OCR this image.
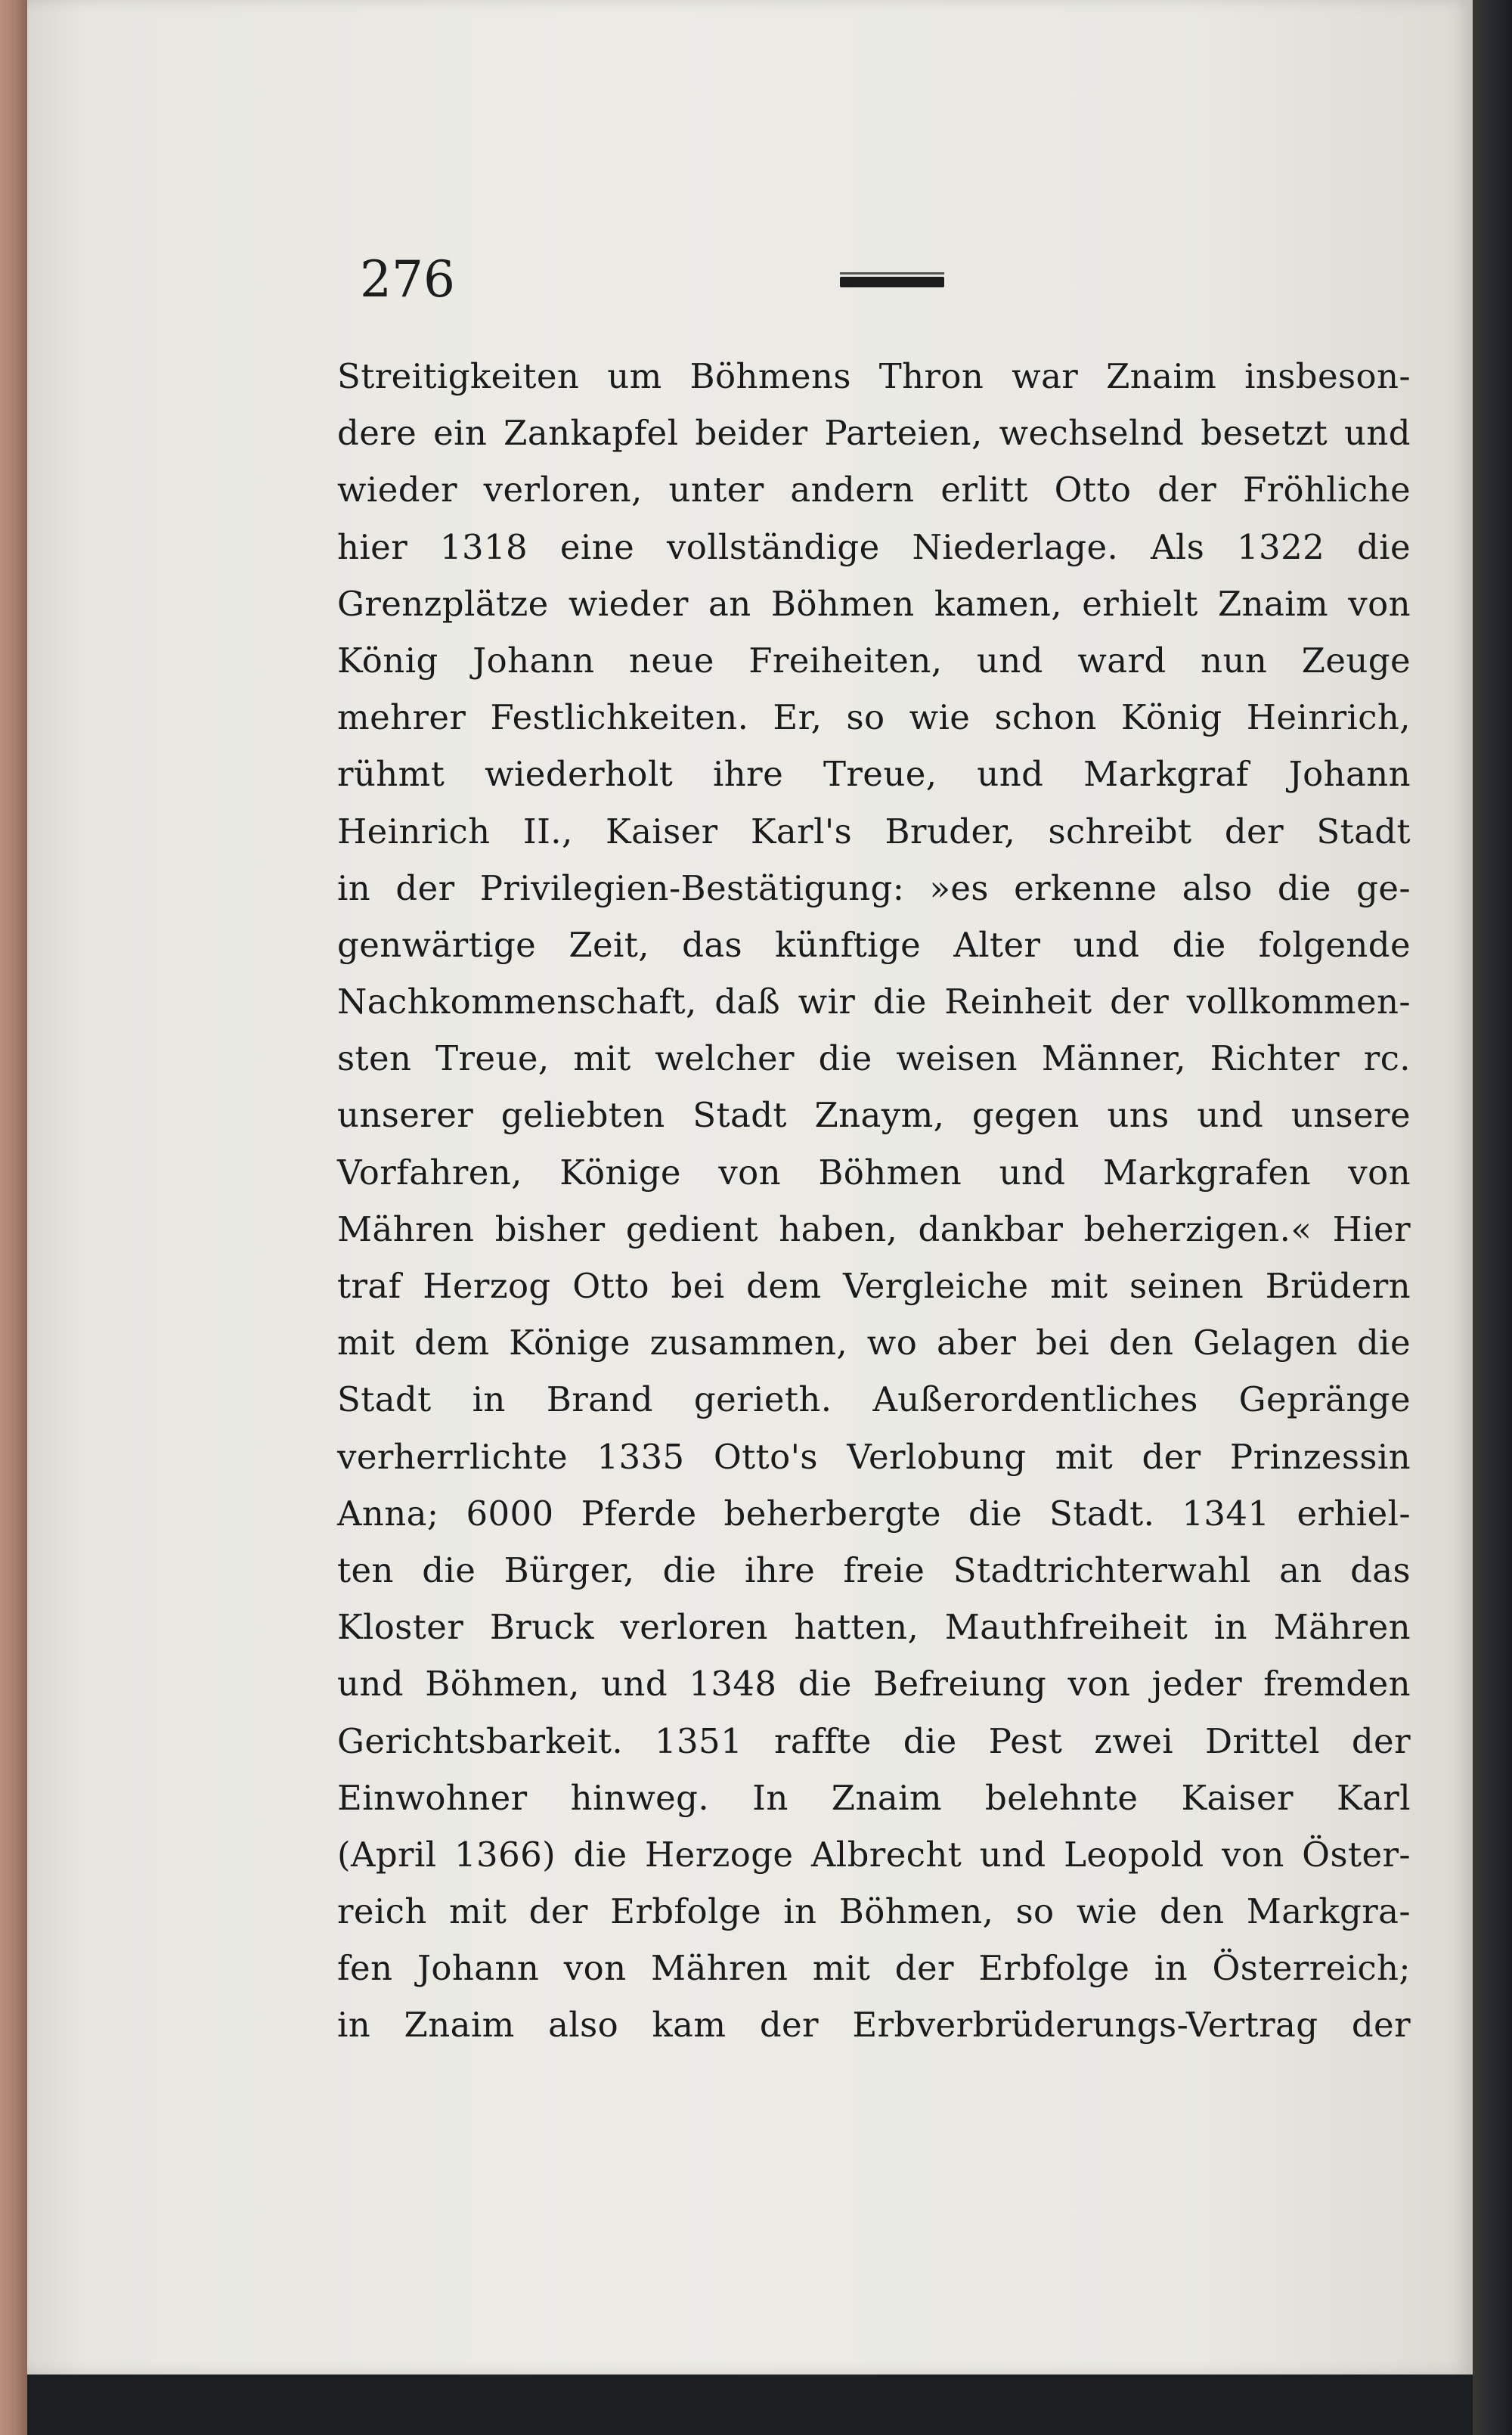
276
Streitigkeiten um Böhmens Thron war Znaim insbeson-
dere ein Zankapfel beider Parteien, wechselnd besetzt und
wieder verloren, unter andern erlitt Otto der Fröhliche
hier 1318 eine vollständige Niederlage. Als 1322 die
Grenzplätze wieder an Böhmen kamen, erhielt Znaim von
König Johann neue Freiheiten, und ward nun Zeuge
mehrer Festlichkeiten. Er, so wie schon König Heinrich,
rühmt wiederholt ihre Treue, und Markgraf Johann
Heinrich II., Kaiser Karl's Bruder, schreibt der Stadt
in der Privilegien-Bestätigung: »es erkenne also die ge-
genwärtige Zeit, das künftige Alter und die folgende
Nachkommenschaft, daß wir die Reinheit der vollkommen-
sten Treue, mit welcher die weisen Männer, Richter rc.
unserer geliebten Stadt Znaym, gegen uns und unsere
Vorfahren, Könige von Böhmen und Markgrafen von
Mähren bisher gedient haben, dankbar beherzigen.« Hier
traf Herzog Otto bei dem Vergleiche mit seinen Brüdern
mit dem Könige zusammen, wo aber bei den Gelagen die
Stadt in Brand gerieth. Außerordentliches Gepränge
verherrlichte 1335 Otto's Verlobung mit der Prinzessin
Anna; 6000 Pferde beherbergte die Stadt. 1341 erhiel-
ten die Bürger, die ihre freie Stadtrichterwahl an das
Kloster Bruck verloren hatten, Mauthfreiheit in Mähren
und Böhmen, und 1348 die Befreiung von jeder fremden
Gerichtsbarkeit. 1351 raffte die Pest zwei Drittel der
Einwohner hinweg. In Znaim belehnte Kaiser Karl
(April 1366) die Herzoge Albrecht und Leopold von Öster-
reich mit der Erbfolge in Böhmen, so wie den Markgra-
fen Johann von Mähren mit der Erbfolge in Österreich;
in Znaim also kam der Erbverbrüderungs-Vertrag der
